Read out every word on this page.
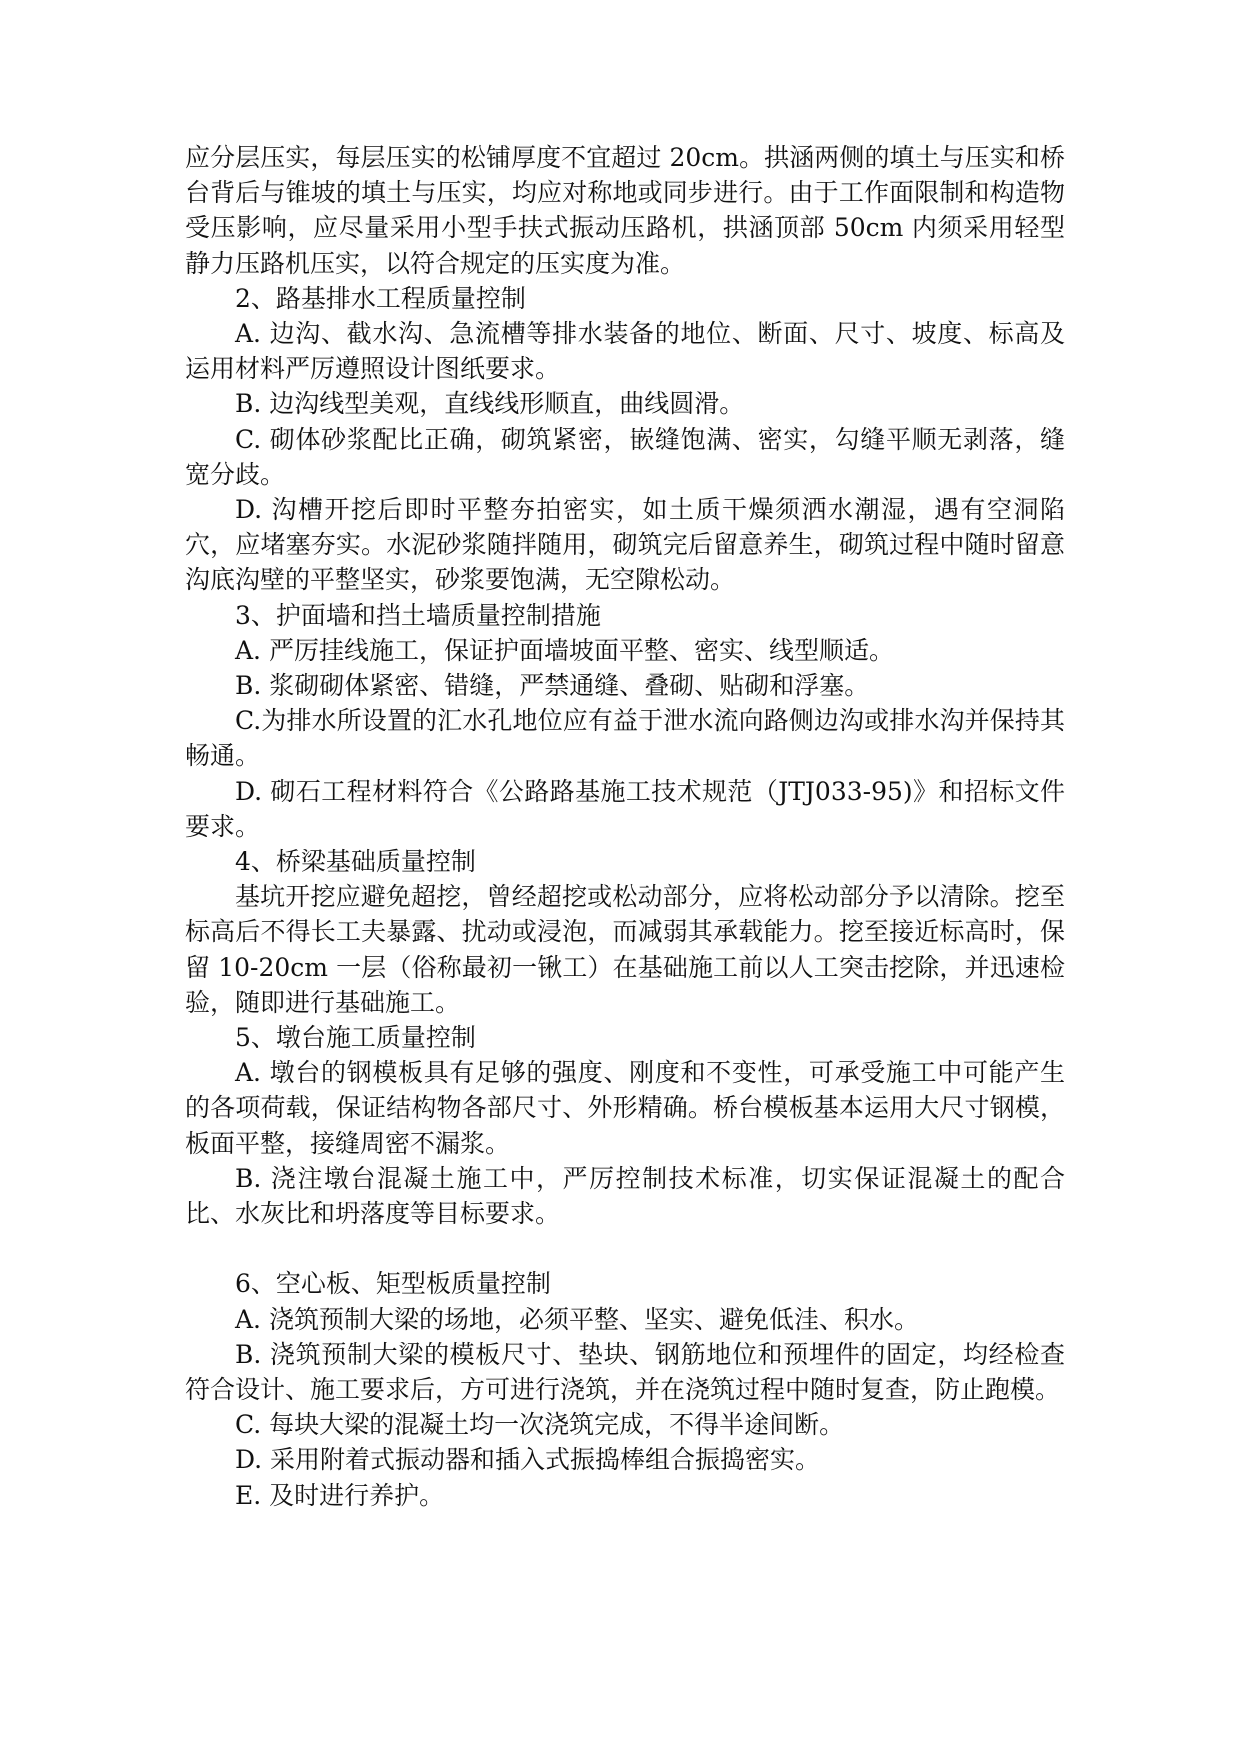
应分层压实，每层压实的松铺厚度不宜超过 20cm。拱涵两侧的填土与压实和桥台背后与锥坡的填土与压实，均应对称地或同步进行。由于工作面限制和构造物受压影响，应尽量采用小型手扶式振动压路机，拱涵顶部 50cm 内须采用轻型静力压路机压实，以符合规定的压实度为准。

2、路基排水工程质量控制

A. 边沟、截水沟、急流槽等排水装备的地位、断面、尺寸、坡度、标高及运用材料严厉遵照设计图纸要求。

B. 边沟线型美观，直线线形顺直，曲线圆滑。

C. 砌体砂浆配比正确，砌筑紧密，嵌缝饱满、密实，勾缝平顺无剥落，缝宽分歧。

D. 沟槽开挖后即时平整夯拍密实，如土质干燥须洒水潮湿，遇有空洞陷穴，应堵塞夯实。水泥砂浆随拌随用，砌筑完后留意养生，砌筑过程中随时留意沟底沟壁的平整坚实，砂浆要饱满，无空隙松动。

3、护面墙和挡土墙质量控制措施

A. 严厉挂线施工，保证护面墙坡面平整、密实、线型顺适。

B. 浆砌砌体紧密、错缝，严禁通缝、叠砌、贴砌和浮塞。

C.为排水所设置的汇水孔地位应有益于泄水流向路侧边沟或排水沟并保持其畅通。

D. 砌石工程材料符合《公路路基施工技术规范（JTJ033-95)》和招标文件要求。

4、桥梁基础质量控制

基坑开挖应避免超挖，曾经超挖或松动部分，应将松动部分予以清除。挖至标高后不得长工夫暴露、扰动或浸泡，而减弱其承载能力。挖至接近标高时，保留 10-20cm 一层（俗称最初一锹工）在基础施工前以人工突击挖除，并迅速检验，随即进行基础施工。

5、墩台施工质量控制

A. 墩台的钢模板具有足够的强度、刚度和不变性，可承受施工中可能产生的各项荷载，保证结构物各部尺寸、外形精确。桥台模板基本运用大尺寸钢模，板面平整，接缝周密不漏浆。

B. 浇注墩台混凝土施工中，严厉控制技术标准，切实保证混凝土的配合比、水灰比和坍落度等目标要求。

6、空心板、矩型板质量控制

A. 浇筑预制大梁的场地，必须平整、坚实、避免低洼、积水。

B. 浇筑预制大梁的模板尺寸、垫块、钢筋地位和预埋件的固定，均经检查符合设计、施工要求后，方可进行浇筑，并在浇筑过程中随时复查，防止跑模。

C. 每块大梁的混凝土均一次浇筑完成，不得半途间断。

D. 采用附着式振动器和插入式振捣棒组合振捣密实。

E. 及时进行养护。
